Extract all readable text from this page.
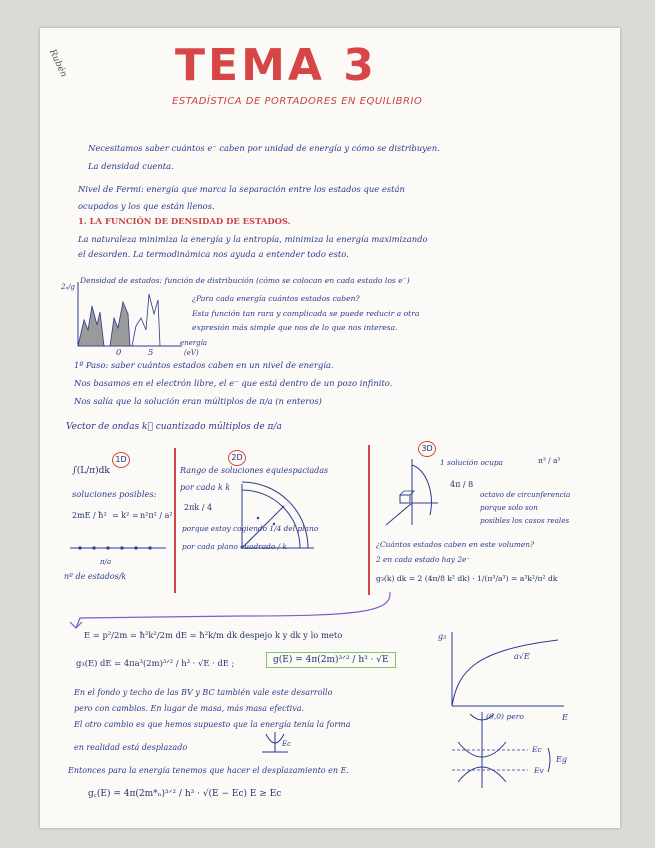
Rubén TEMA 3
ESTADÍSTICA DE PORTADORES EN EQUILIBRIO
Necesitamos saber cuántos e⁻ caben por unidad de energía y cómo se distribuyen.
La densidad cuenta.
Nivel de Fermi: energía que marca la separación entre los estados que están
ocupados y los que están llenos.
1. LA FUNCIÓN DE DENSIDAD DE ESTADOS.
La naturaleza minimiza la energía y la entropía, minimiza la energía maximizando
el desorden. La termodinámica nos ayuda a entender todo esto.
2ₑ/g
0	5
energía
(eV)
Densidad de estados: función de distribución (cómo se colocan en cada estado los e⁻)
¿Para cada energía cuántos estados caben?
Esta función tan rara y complicada se puede reducir a otra
expresión más simple que nos de lo que nos interesa.
1º Paso: saber cuántos estados caben en un nivel de energía.
Nos basamos en el electrón libre, el e⁻ que está dentro de un pozo infinito.
Nos salía que la solución eran múltiplos de π/a (n enteros)
Vector de ondas k⃗ cuantizado múltiplos de π/a
1D
∫(L/π)dk
soluciones posibles:
2mE / ħ² = k² = n²π² / a²
π/a
nº de estados/k
2D
Rango de soluciones equiespaciadas
por cada k k
2πk / 4
porque estoy cogiendo 1/4 del plano
por cada plano cuadrado / k
3D
1 solución ocupa	π³ / a³
4π / 8
octavo de circunferencia
porque solo son
posibles los casos reales
¿Cuántos estados caben en este volumen?
2 en cada estado hay 2e⁻
g₃(k) dk = 2 (4π/8 k² dk) · 1/(π³/a³) = a³k²/π² dk
E = p²/2m = ħ²k²/2m dE = ħ²k/m dk despejo k y dk y lo meto
g₃(E) dE = 4πa³(2m)³ᐟ² / h³ · √E · dE ;	g(E) = 4π(2m)³ᐟ² / h³ · √E
g₃
a√E
E
En el fondo y techo de las BV y BC también vale este desarrollo
pero con cambios. En lugar de masa, más masa efectiva.
El otro cambio es que hemos supuesto que la energía tenía la forma
en realidad está desplazado	Ec
(0,0) pero
Ec
Ev
Eg
Entonces para la energía tenemos que hacer el desplazamiento en E.
g꜀(E) = 4π(2m*ₙ)³ᐟ² / h³ · √(E − Ec) E ≥ Ec
